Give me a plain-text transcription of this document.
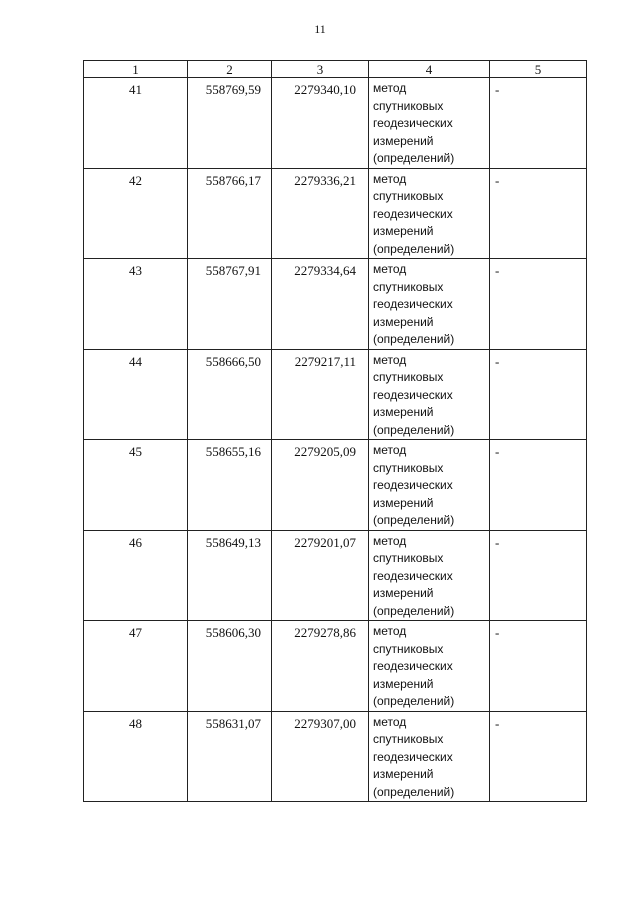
11
1	2	3	4	5
41	558769,59	2279340,10	метод
спутниковых
геодезических
измерений
(определений)	-
42	558766,17	2279336,21	метод
спутниковых
геодезических
измерений
(определений)	-
43	558767,91	2279334,64	метод
спутниковых
геодезических
измерений
(определений)	-
44	558666,50	2279217,11	метод
спутниковых
геодезических
измерений
(определений)	-
45	558655,16	2279205,09	метод
спутниковых
геодезических
измерений
(определений)	-
46	558649,13	2279201,07	метод
спутниковых
геодезических
измерений
(определений)	-
47	558606,30	2279278,86	метод
спутниковых
геодезических
измерений
(определений)	-
48	558631,07	2279307,00	метод
спутниковых
геодезических
измерений
(определений)	-
